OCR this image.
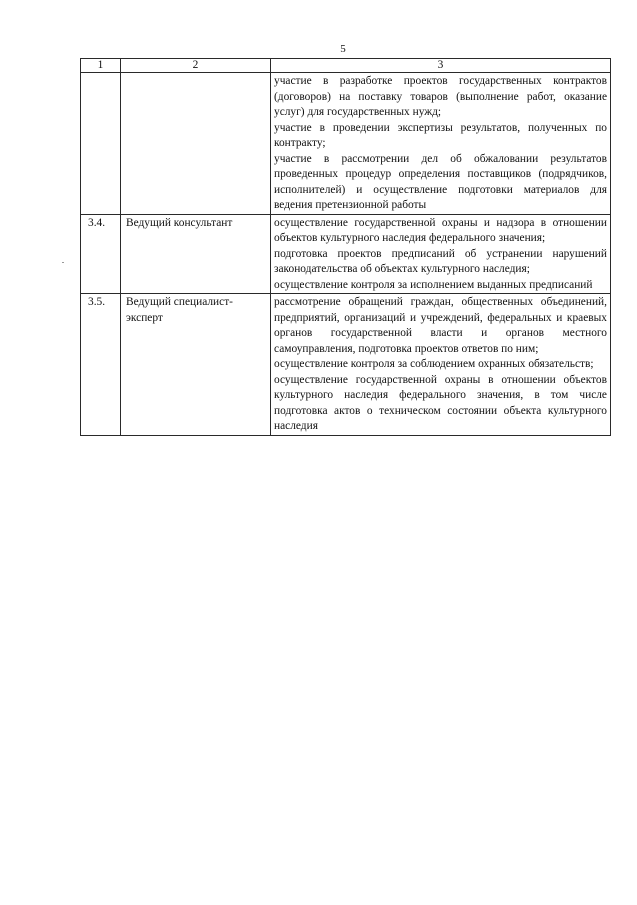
5
1	2	3

		участие в разработке проектов государственных контрактов (договоров) на поставку товаров (выполнение работ, оказание услуг) для государственных нужд;

участие в проведении экспертизы результатов, полученных по контракту;

участие в рассмотрении дел об обжаловании результатов проведенных процедур определения поставщиков (подрядчиков, исполнителей) и осуществление подготовки материалов для ведения претензионной работы

3.4.	Ведущий консультант	осуществление государственной охраны и надзора в отношении объектов культурного наследия федерального значения;

подготовка проектов предписаний об устранении нарушений законодательства об объектах культурного наследия;

осуществление контроля за исполнением выданных предписаний

3.5.	Ведущий специалист-эксперт	рассмотрение обращений граждан, общественных объединений, предприятий, организаций и учреждений, федеральных и краевых органов государственной власти и органов местного самоуправления, подготовка проектов ответов по ним;

осуществление контроля за соблюдением охранных обязательств;

осуществление государственной охраны в отношении объектов культурного наследия федерального значения, в том числе подготовка актов о техническом состоянии объекта культурного наследия
